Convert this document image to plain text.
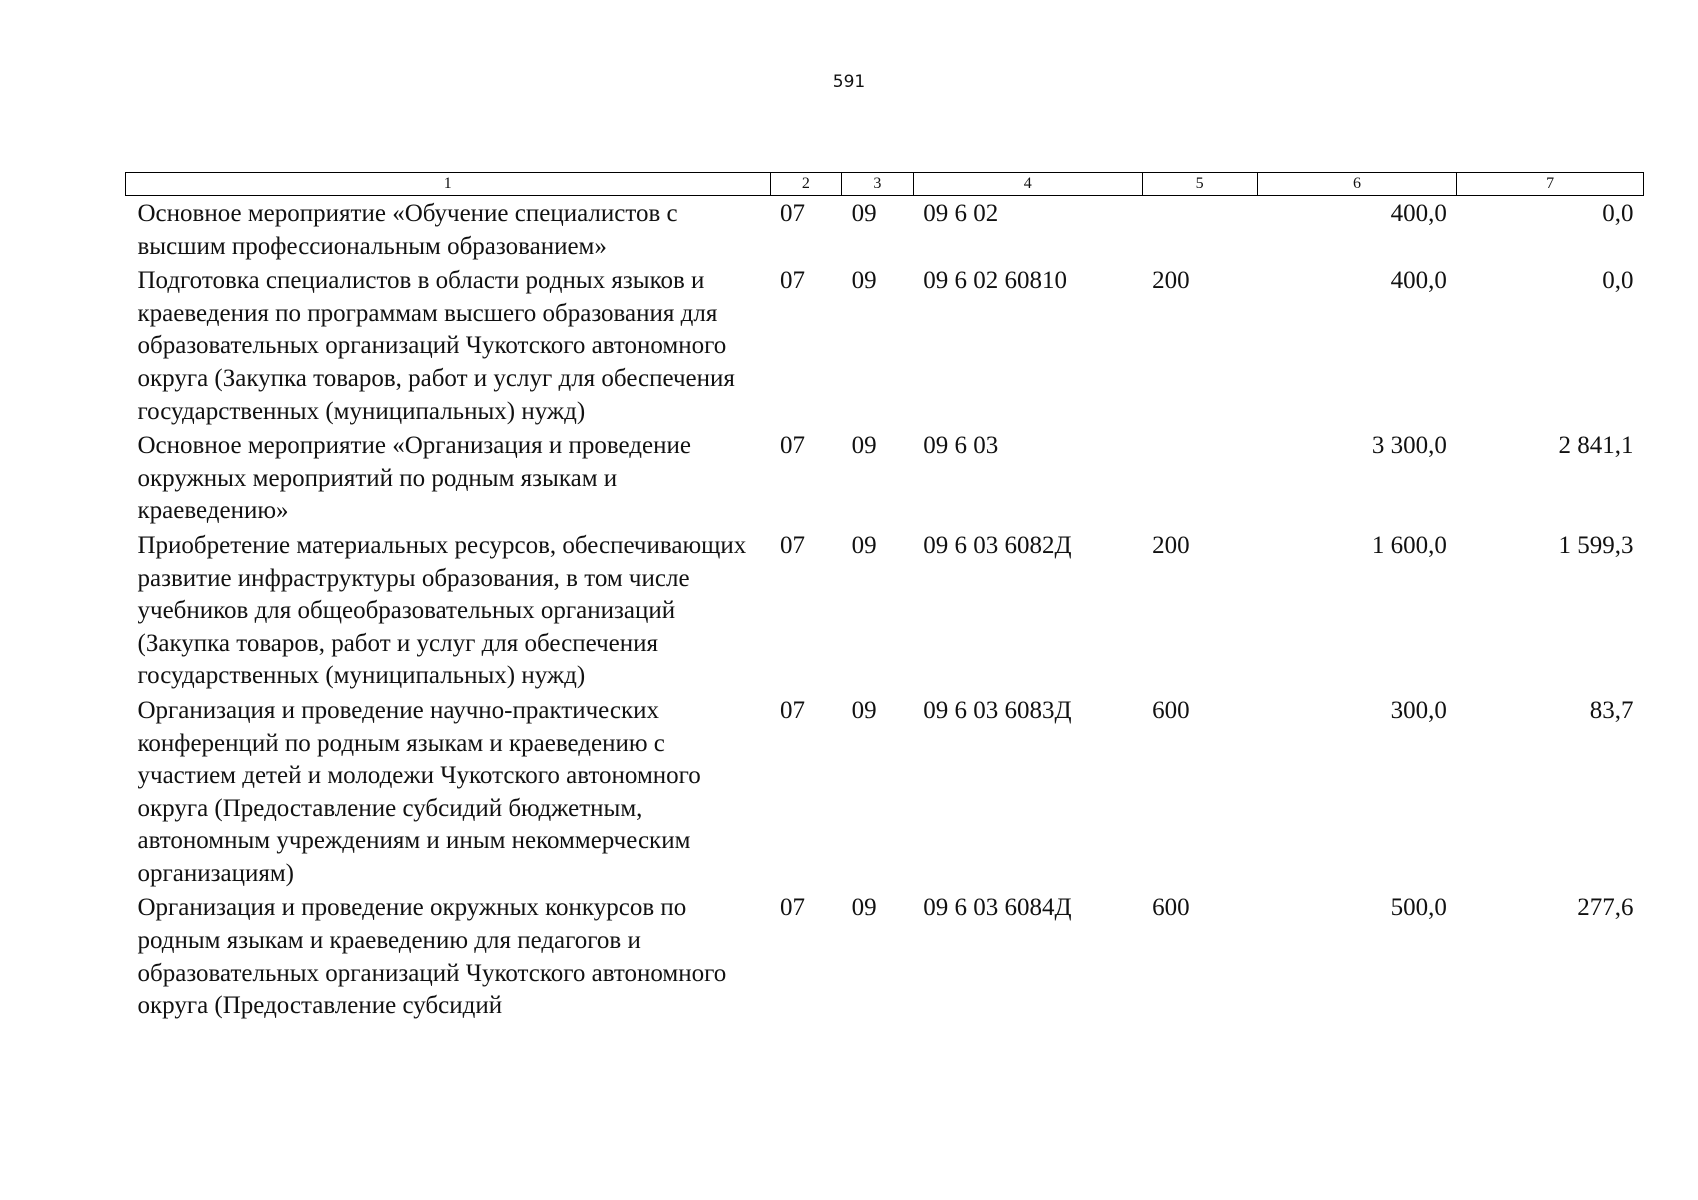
591
1	2	3	4	5	6	7
Основное мероприятие «Обучение специалистов с высшим профессиональным образованием»	07	09	09 6 02		400,0	0,0
Подготовка специалистов в области родных языков и краеведения по программам высшего образования для образовательных организаций Чукотского автономного округа (Закупка товаров, работ и услуг для обеспечения государственных (муниципальных) нужд)	07	09	09 6 02 60810	200	400,0	0,0
Основное мероприятие «Организация и проведение окружных мероприятий по родным языкам и краеведению»	07	09	09 6 03		3 300,0	2 841,1
Приобретение материальных ресурсов, обеспечивающих развитие инфраструктуры образования, в том числе учебников для общеобразовательных организаций (Закупка товаров, работ и услуг для обеспечения государственных (муниципальных) нужд)	07	09	09 6 03 6082Д	200	1 600,0	1 599,3
Организация и проведение научно-практических конференций по родным языкам и краеведению с участием детей и молодежи Чукотского автономного округа (Предоставление субсидий бюджетным, автономным учреждениям и иным некоммерческим организациям)	07	09	09 6 03 6083Д	600	300,0	83,7
Организация и проведение окружных конкурсов по родным языкам и краеведению для педагогов и образовательных организаций Чукотского автономного округа (Предоставление субсидий	07	09	09 6 03 6084Д	600	500,0	277,6
